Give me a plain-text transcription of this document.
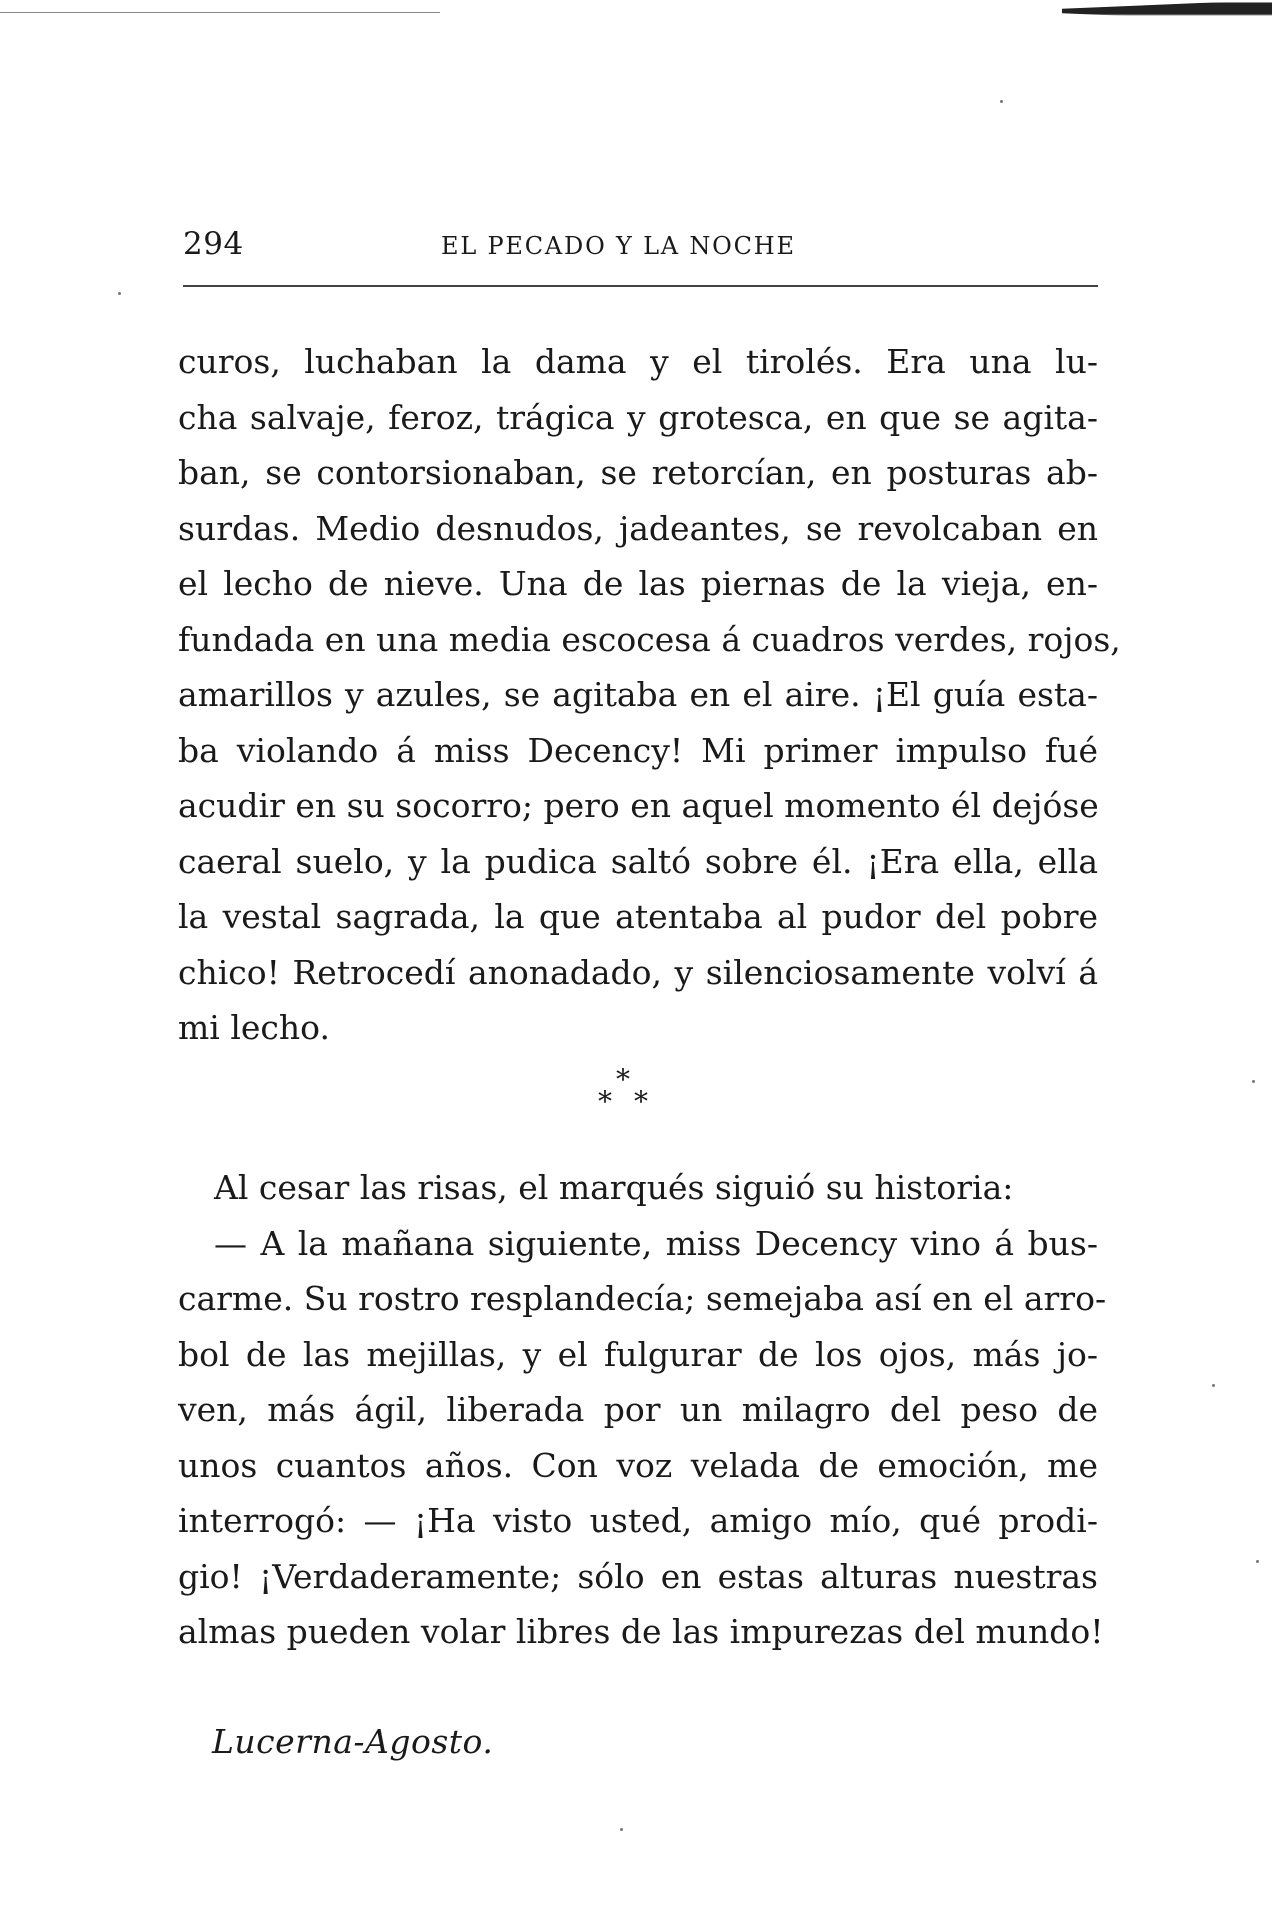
294	EL PECADO Y LA NOCHE
curos, luchaban la dama y el tirolés. Era una lu-
cha salvaje, feroz, trágica y grotesca, en que se agita-
ban, se contorsionaban, se retorcían, en posturas ab-
surdas. Medio desnudos, jadeantes, se revolcaban en
el lecho de nieve. Una de las piernas de la vieja, en-
fundada en una media escocesa á cuadros verdes, rojos,
amarillos y azules, se agitaba en el aire. ¡El guía esta-
ba violando á miss Decency! Mi primer impulso fué
acudir en su socorro; pero en aquel momento él dejóse
caeral suelo, y la pudica saltó sobre él. ¡Era ella, ella
la vestal sagrada, la que atentaba al pudor del pobre
chico! Retrocedí anonadado, y silenciosamente volví á
mi lecho.
*
* *
Al cesar las risas, el marqués siguió su historia:
— A la mañana siguiente, miss Decency vino á bus-
carme. Su rostro resplandecía; semejaba así en el arro-
bol de las mejillas, y el fulgurar de los ojos, más jo-
ven, más ágil, liberada por un milagro del peso de
unos cuantos años. Con voz velada de emoción, me
interrogó: — ¡Ha visto usted, amigo mío, qué prodi-
gio! ¡Verdaderamente; sólo en estas alturas nuestras
almas pueden volar libres de las impurezas del mundo!
Lucerna-Agosto.
